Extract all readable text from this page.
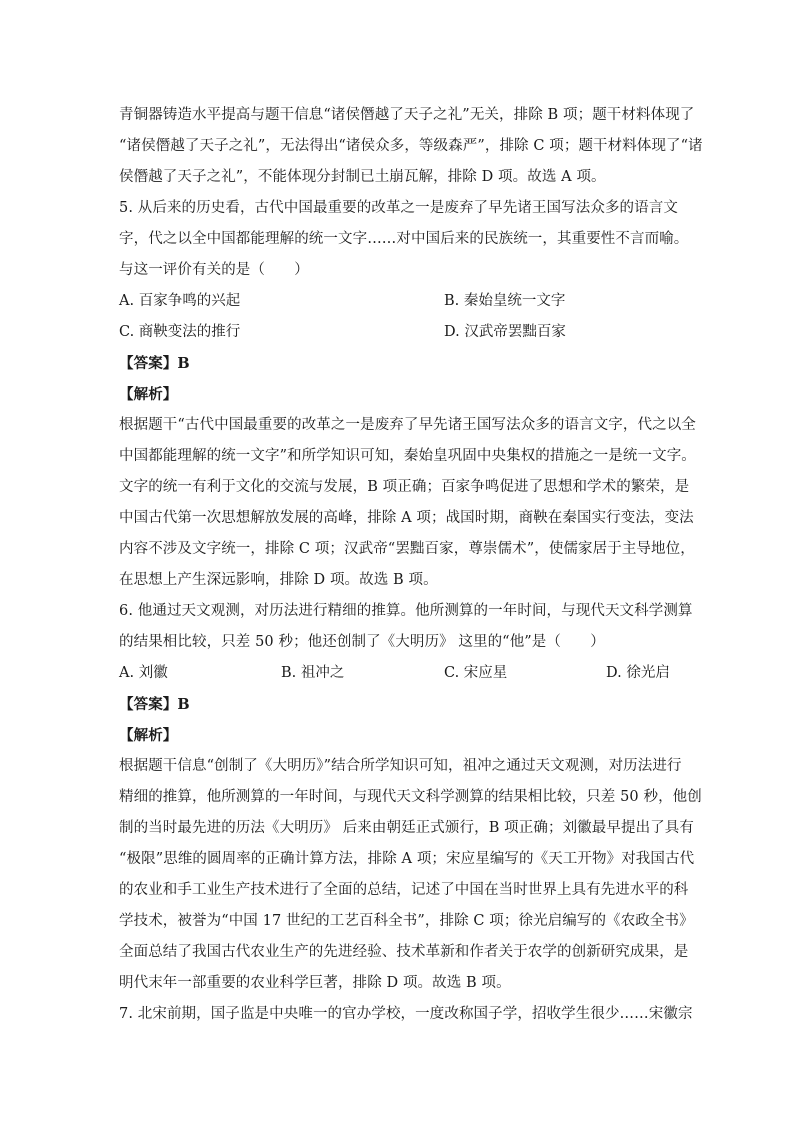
青铜器铸造水平提高与题干信息“诸侯僭越了天子之礼”无关，排除 B 项；题干材料体现了
“诸侯僭越了天子之礼”，无法得出“诸侯众多，等级森严”，排除 C 项；题干材料体现了“诸
侯僭越了天子之礼”，不能体现分封制已土崩瓦解，排除 D 项。故选 A 项。
5. 从后来的历史看，古代中国最重要的改革之一是废弃了早先诸王国写法众多的语言文
字，代之以全中国都能理解的统一文字……对中国后来的民族统一，其重要性不言而喻。
与这一评价有关的是（　　）
A. 百家争鸣的兴起	B. 秦始皇统一文字
C. 商鞅变法的推行	D. 汉武帝罢黜百家
【答案】B
【解析】
根据题干“古代中国最重要的改革之一是废弃了早先诸王国写法众多的语言文字，代之以全
中国都能理解的统一文字”和所学知识可知，秦始皇巩固中央集权的措施之一是统一文字。
文字的统一有利于文化的交流与发展，B 项正确；百家争鸣促进了思想和学术的繁荣，是
中国古代第一次思想解放发展的高峰，排除 A 项；战国时期，商鞅在秦国实行变法，变法
内容不涉及文字统一，排除 C 项；汉武帝“罢黜百家，尊崇儒术”，使儒家居于主导地位，
在思想上产生深远影响，排除 D 项。故选 B 项。
6. 他通过天文观测，对历法进行精细的推算。他所测算的一年时间，与现代天文科学测算
的结果相比较，只差 50 秒；他还创制了《大明历》 这里的“他”是（　　）
A. 刘徽	B. 祖冲之	C. 宋应星	D. 徐光启
【答案】B
【解析】
根据题干信息“创制了《大明历》”结合所学知识可知，祖冲之通过天文观测，对历法进行
精细的推算，他所测算的一年时间，与现代天文科学测算的结果相比较，只差 50 秒，他创
制的当时最先进的历法《大明历》 后来由朝廷正式颁行，B 项正确；刘徽最早提出了具有
“极限”思维的圆周率的正确计算方法，排除 A 项；宋应星编写的《天工开物》对我国古代
的农业和手工业生产技术进行了全面的总结，记述了中国在当时世界上具有先进水平的科
学技术，被誉为“中国 17 世纪的工艺百科全书”，排除 C 项；徐光启编写的《农政全书》
全面总结了我国古代农业生产的先进经验、技术革新和作者关于农学的创新研究成果，是
明代末年一部重要的农业科学巨著，排除 D 项。故选 B 项。
7. 北宋前期，国子监是中央唯一的官办学校，一度改称国子学，招收学生很少……宋徽宗
